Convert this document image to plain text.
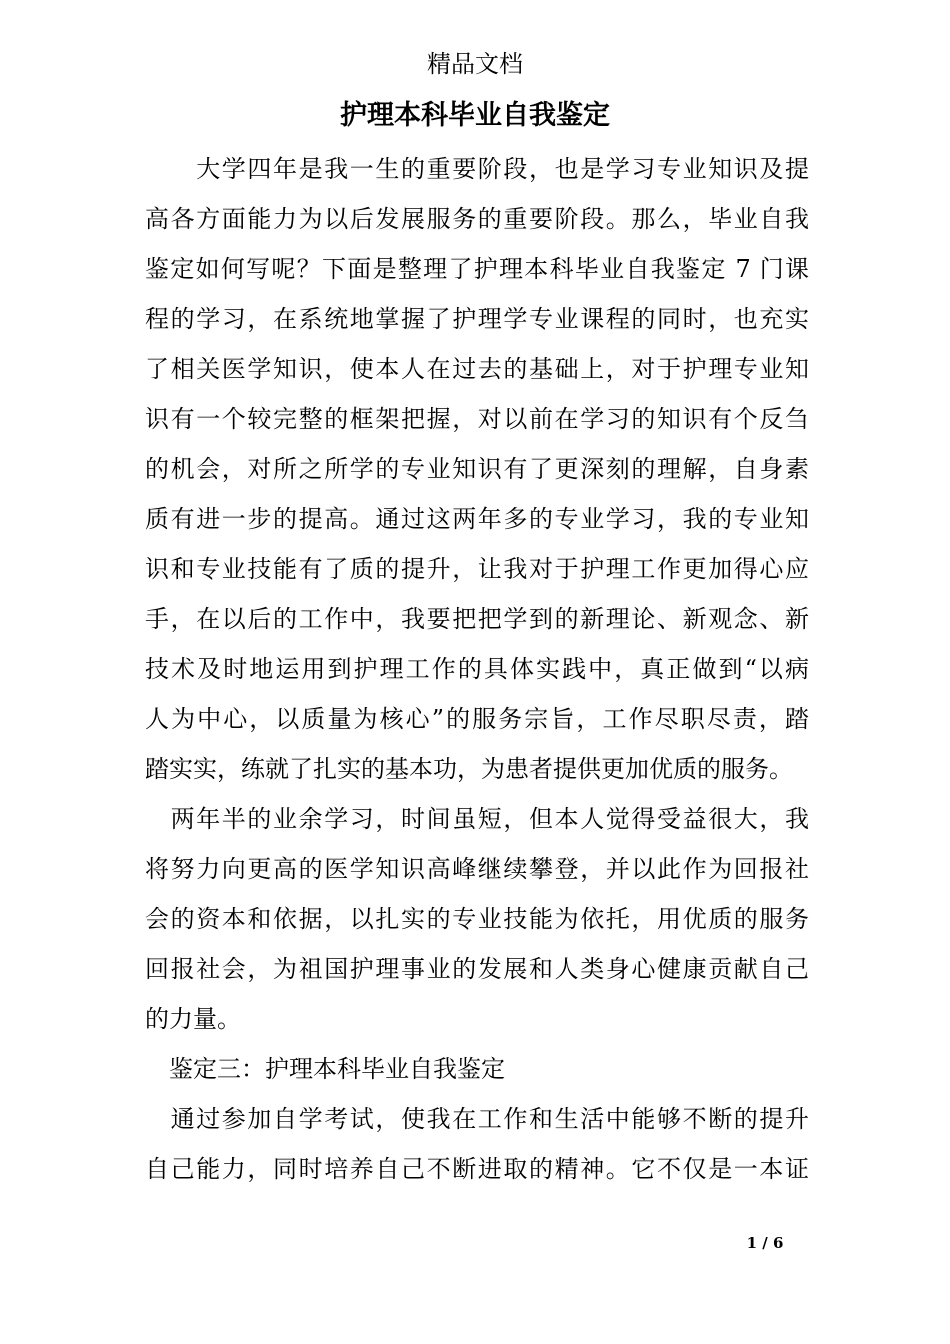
精品文档
护理本科毕业自我鉴定

　　大学四年是我一生的重要阶段，也是学习专业知识及提

高各方面能力为以后发展服务的重要阶段。那么，毕业自我

鉴定如何写呢？下面是整理了护理本科毕业自我鉴定 7 门课

程的学习，在系统地掌握了护理学专业课程的同时，也充实

了相关医学知识，使本人在过去的基础上，对于护理专业知

识有一个较完整的框架把握，对以前在学习的知识有个反刍

的机会，对所之所学的专业知识有了更深刻的理解，自身素

质有进一步的提高。通过这两年多的专业学习，我的专业知

识和专业技能有了质的提升，让我对于护理工作更加得心应

手，在以后的工作中，我要把把学到的新理论、新观念、新

技术及时地运用到护理工作的具体实践中，真正做到“以病

人为中心，以质量为核心”的服务宗旨，工作尽职尽责，踏

踏实实，练就了扎实的基本功，为患者提供更加优质的服务。

　两年半的业余学习，时间虽短，但本人觉得受益很大，我

将努力向更高的医学知识高峰继续攀登，并以此作为回报社

会的资本和依据，以扎实的专业技能为依托，用优质的服务

回报社会，为祖国护理事业的发展和人类身心健康贡献自己

的力量。

　鉴定三：护理本科毕业自我鉴定

　通过参加自学考试，使我在工作和生活中能够不断的提升

自己能力，同时培养自己不断进取的精神。它不仅是一本证

1 / 6
